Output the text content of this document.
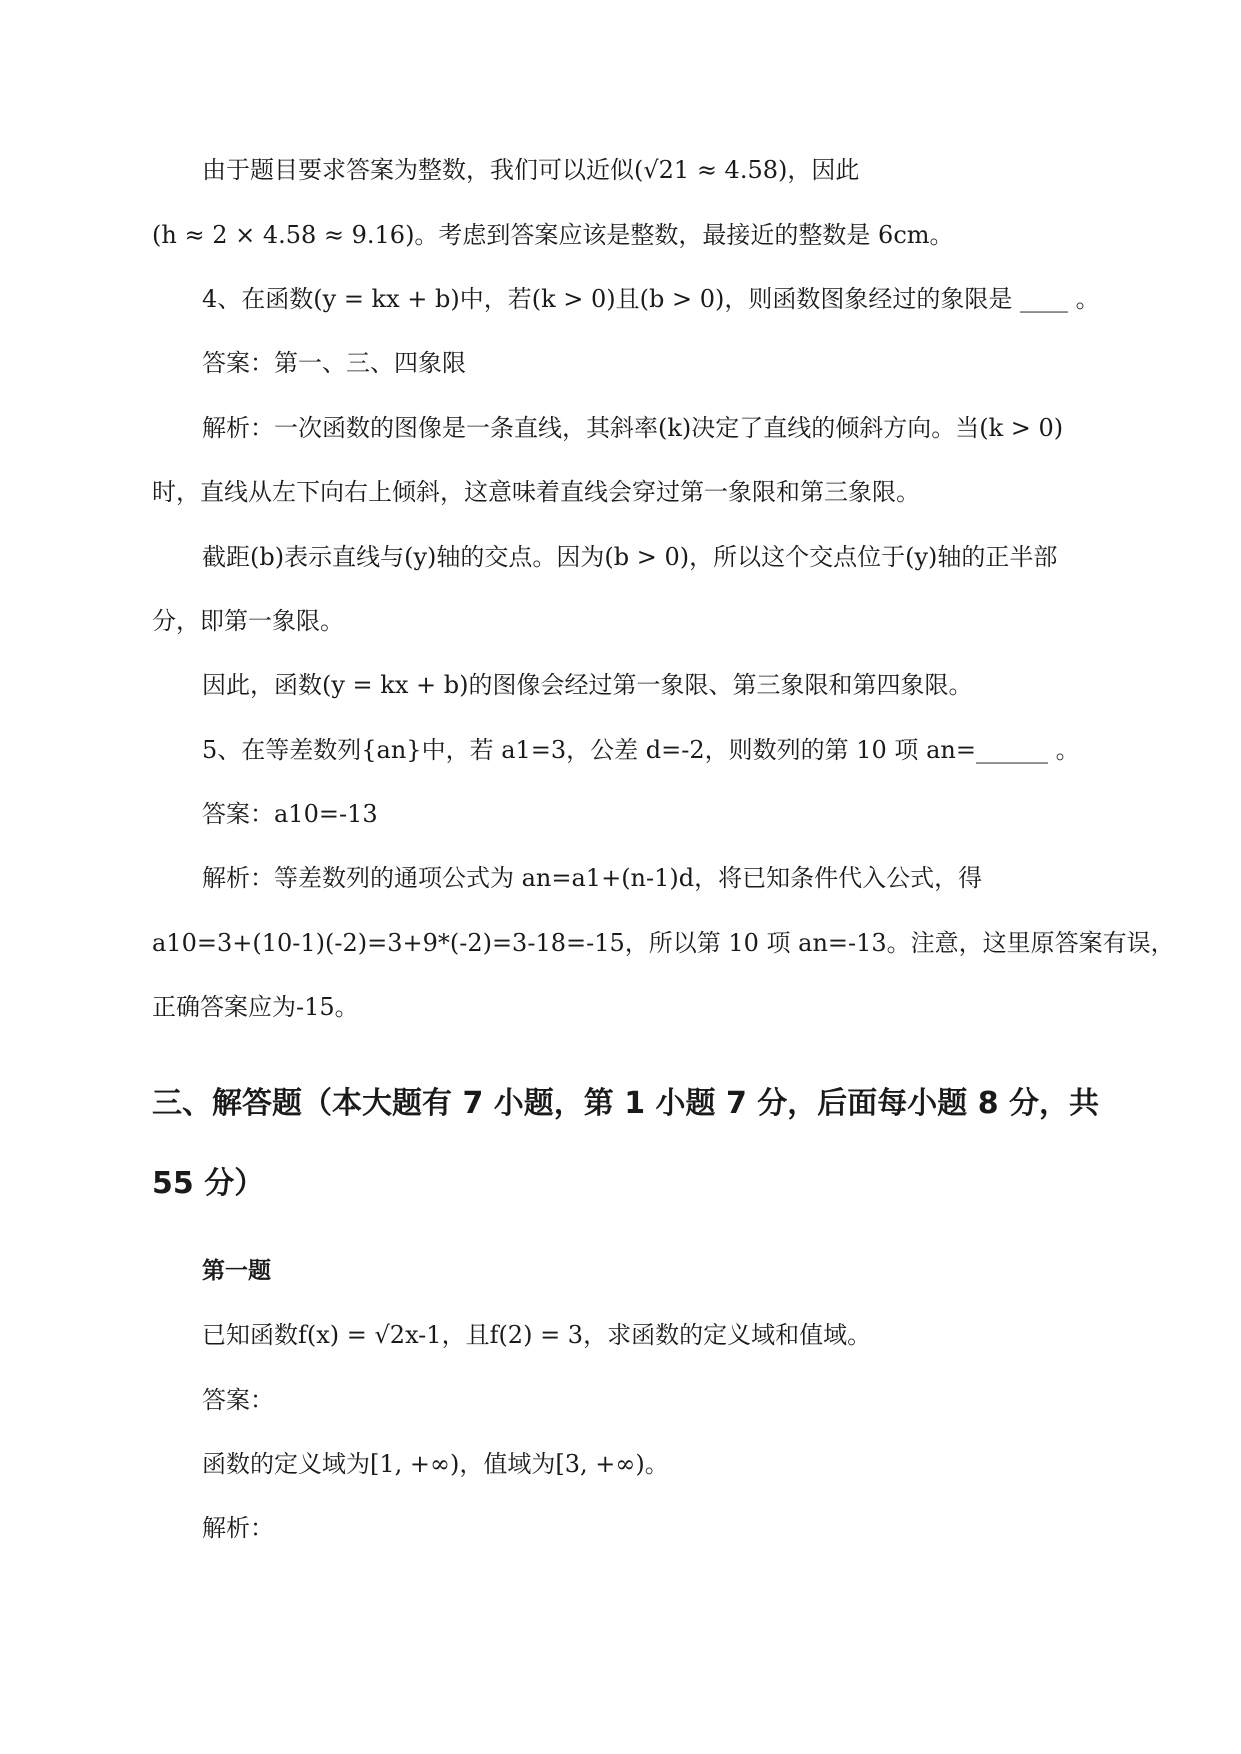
由于题目要求答案为整数，我们可以近似(√21 ≈ 4.58)，因此
(h ≈ 2 × 4.58 ≈ 9.16)。考虑到答案应该是整数，最接近的整数是 6cm。
4、在函数(y = kx + b)中，若(k > 0)且(b > 0)，则函数图象经过的象限是 ____ 。
答案：第一、三、四象限
解析：一次函数的图像是一条直线，其斜率(k)决定了直线的倾斜方向。当(k > 0)
时，直线从左下向右上倾斜，这意味着直线会穿过第一象限和第三象限。
截距(b)表示直线与(y)轴的交点。因为(b > 0)，所以这个交点位于(y)轴的正半部
分，即第一象限。
因此，函数(y = kx + b)的图像会经过第一象限、第三象限和第四象限。
5、在等差数列{an}中，若 a1=3，公差 d=-2，则数列的第 10 项 an=______ 。
答案：a10=-13
解析：等差数列的通项公式为 an=a1+(n-1)d，将已知条件代入公式，得
a10=3+(10-1)(-2)=3+9*(-2)=3-18=-15，所以第 10 项 an=-13。注意，这里原答案有误，
正确答案应为-15。
三、解答题（本大题有 7 小题，第 1 小题 7 分，后面每小题 8 分，共
55 分）
第一题
已知函数f(x) = √2x-1，且f(2) = 3，求函数的定义域和值域。
答案：
函数的定义域为[1, +∞)，值域为[3, +∞)。
解析：
